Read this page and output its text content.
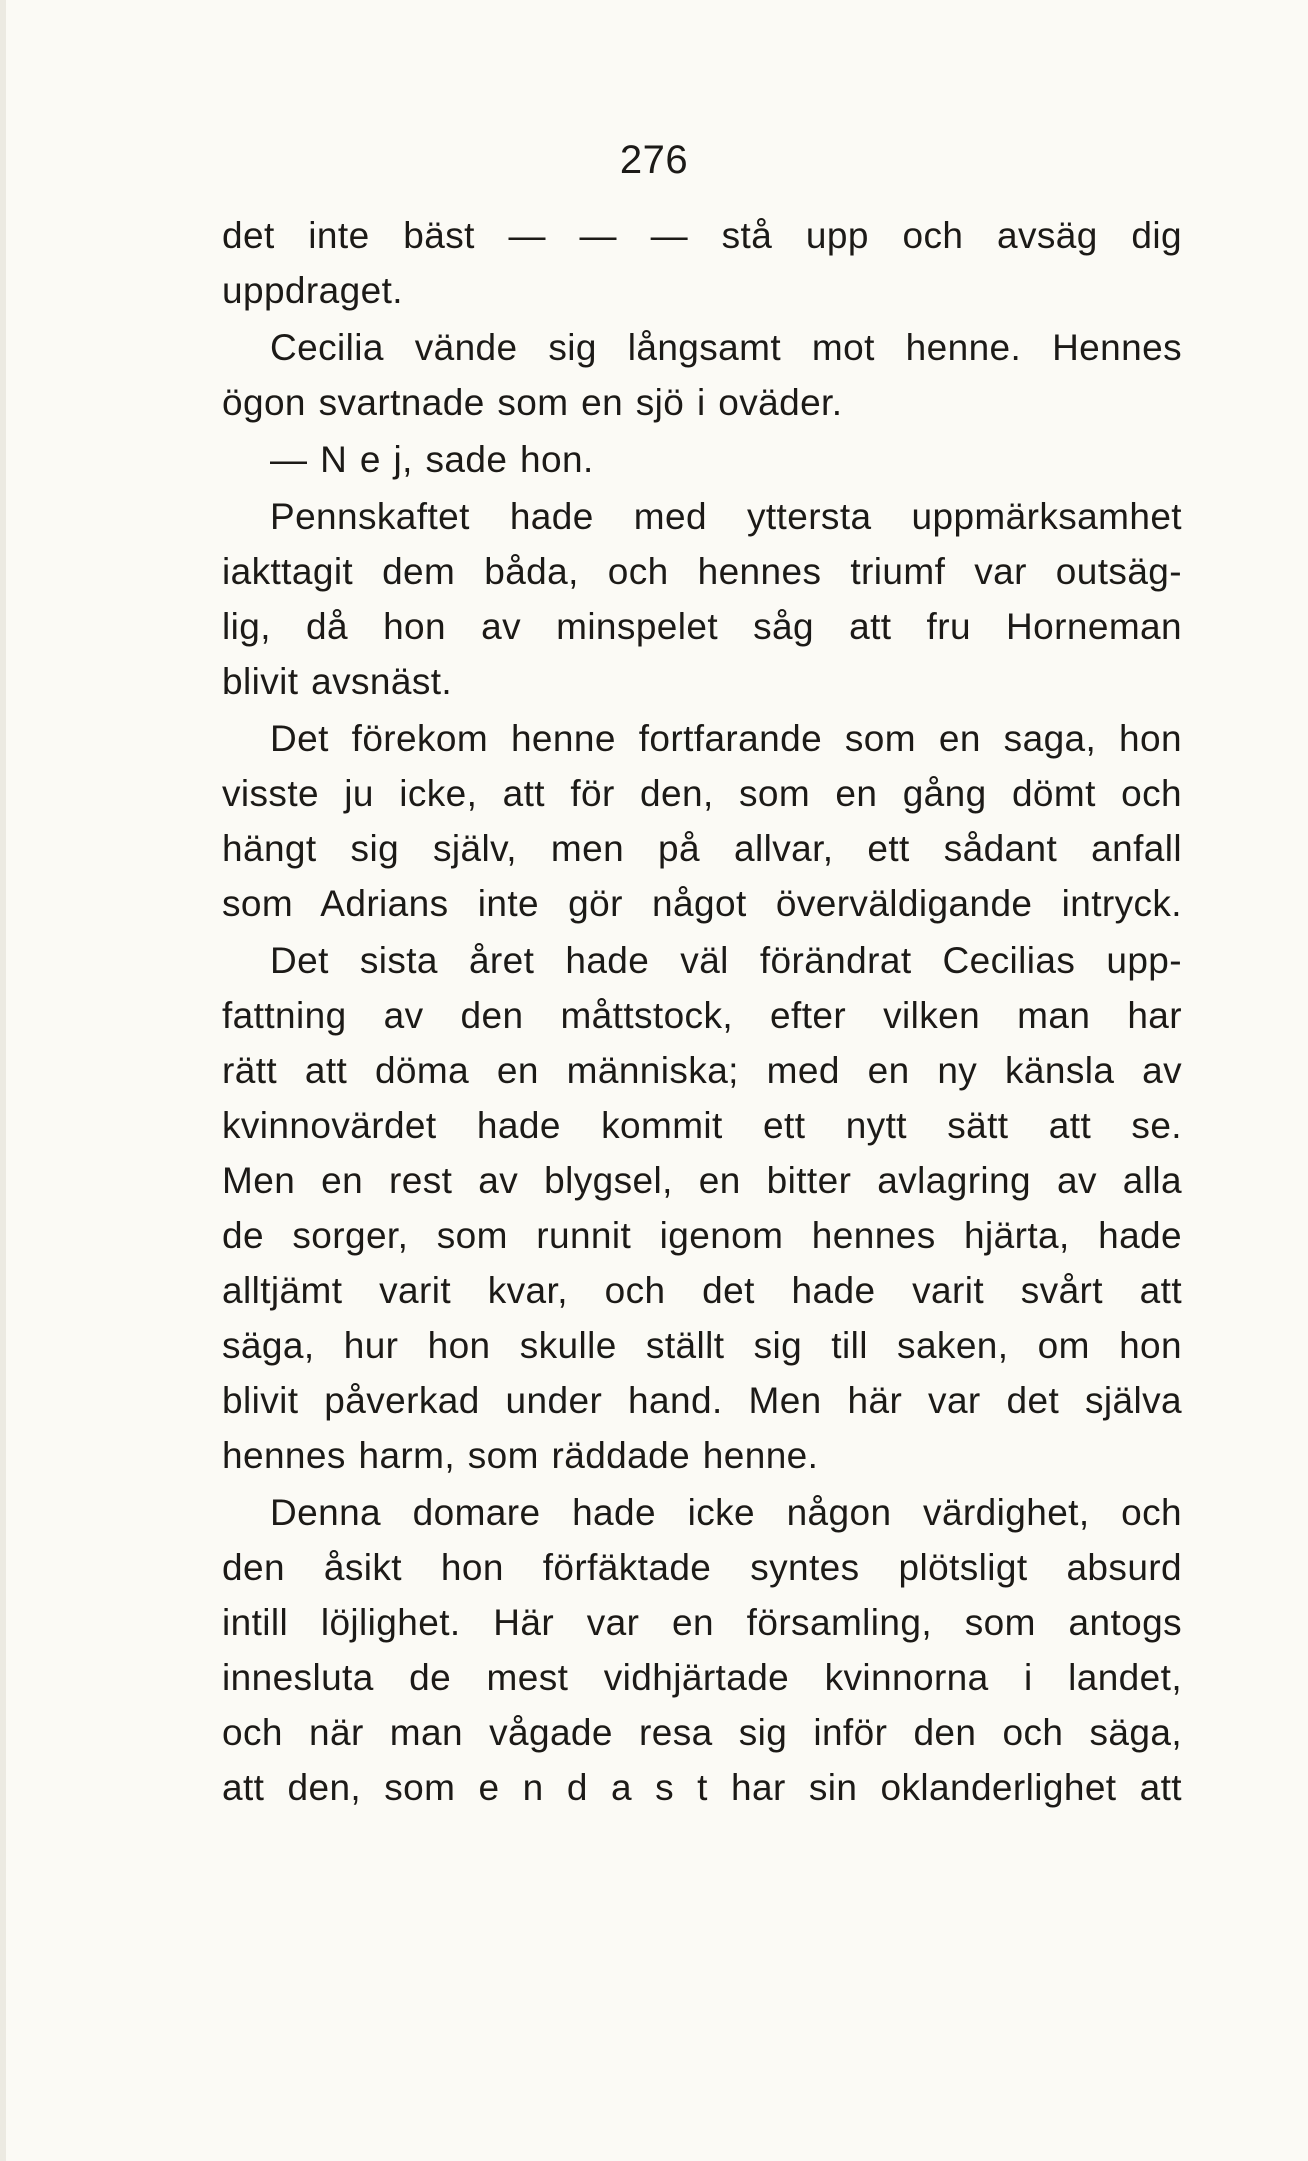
276

det inte bäst — — — stå upp och avsäg dig
uppdraget.
Cecilia vände sig långsamt mot henne. Hennes
ögon svartnade som en sjö i oväder.
— N e j, sade hon.
Pennskaftet hade med yttersta uppmärksamhet
iakttagit dem båda, och hennes triumf var outsäg-
lig, då hon av minspelet såg att fru Horneman
blivit avsnäst.
Det förekom henne fortfarande som en saga, hon
visste ju icke, att för den, som en gång dömt och
hängt sig själv, men på allvar, ett sådant anfall
som Adrians inte gör något överväldigande intryck.
Det sista året hade väl förändrat Cecilias upp-
fattning av den måttstock, efter vilken man har
rätt att döma en människa; med en ny känsla av
kvinnovärdet hade kommit ett nytt sätt att se.
Men en rest av blygsel, en bitter avlagring av alla
de sorger, som runnit igenom hennes hjärta, hade
alltjämt varit kvar, och det hade varit svårt att
säga, hur hon skulle ställt sig till saken, om hon
blivit påverkad under hand. Men här var det själva
hennes harm, som räddade henne.
Denna domare hade icke någon värdighet, och
den åsikt hon förfäktade syntes plötsligt absurd
intill löjlighet. Här var en församling, som antogs
innesluta de mest vidhjärtade kvinnorna i landet,
och när man vågade resa sig inför den och säga,
att den, som e n d a s t har sin oklanderlighet att
